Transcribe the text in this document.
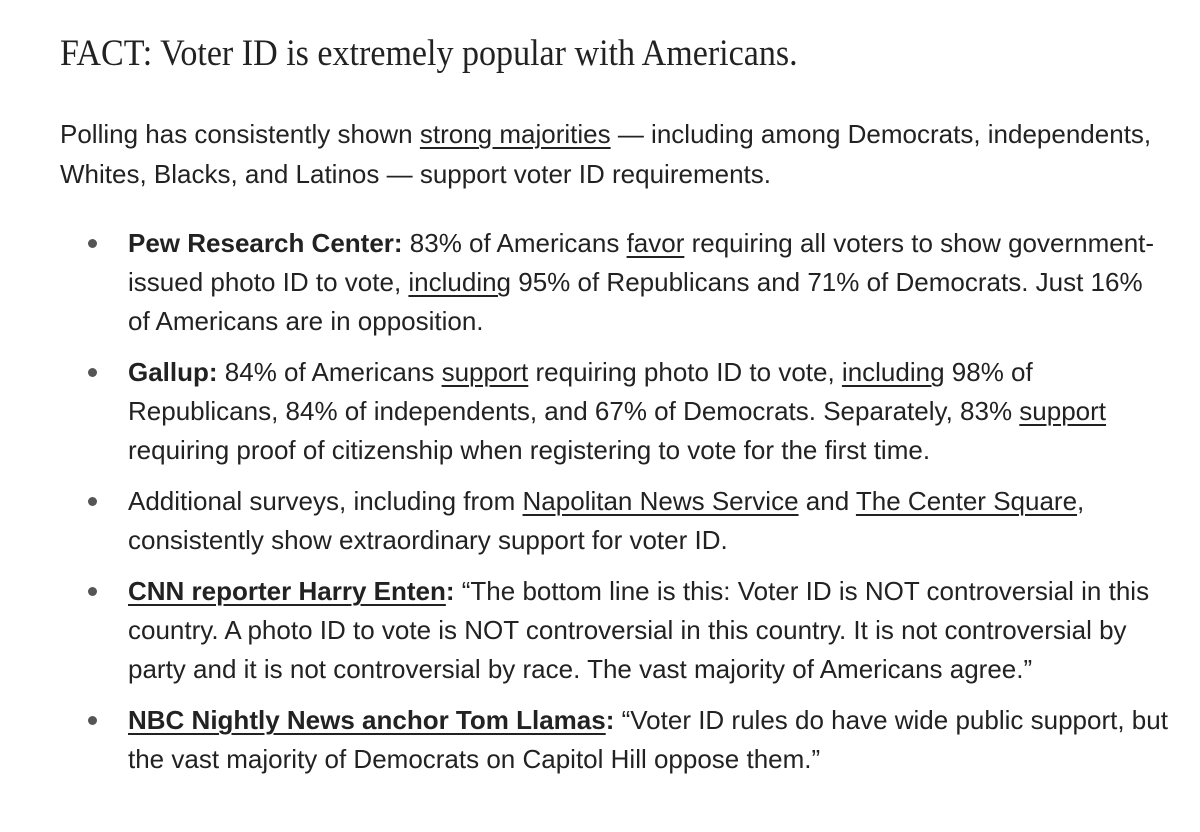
FACT: Voter ID is extremely popular with Americans.

Polling has consistently shown strong majorities — including among Democrats, independents, Whites, Blacks, and Latinos — support voter ID requirements.

Pew Research Center: 83% of Americans favor requiring all voters to show government-issued photo ID to vote, including 95% of Republicans and 71% of Democrats. Just 16% of Americans are in opposition.
Gallup: 84% of Americans support requiring photo ID to vote, including 98% of Republicans, 84% of independents, and 67% of Democrats. Separately, 83% support requiring proof of citizenship when registering to vote for the first time.
Additional surveys, including from Napolitan News Service and The Center Square, consistently show extraordinary support for voter ID.
CNN reporter Harry Enten: “The bottom line is this: Voter ID is NOT controversial in this country. A photo ID to vote is NOT controversial in this country. It is not controversial by party and it is not controversial by race. The vast majority of Americans agree.”
NBC Nightly News anchor Tom Llamas: “Voter ID rules do have wide public support, but the vast majority of Democrats on Capitol Hill oppose them.”
